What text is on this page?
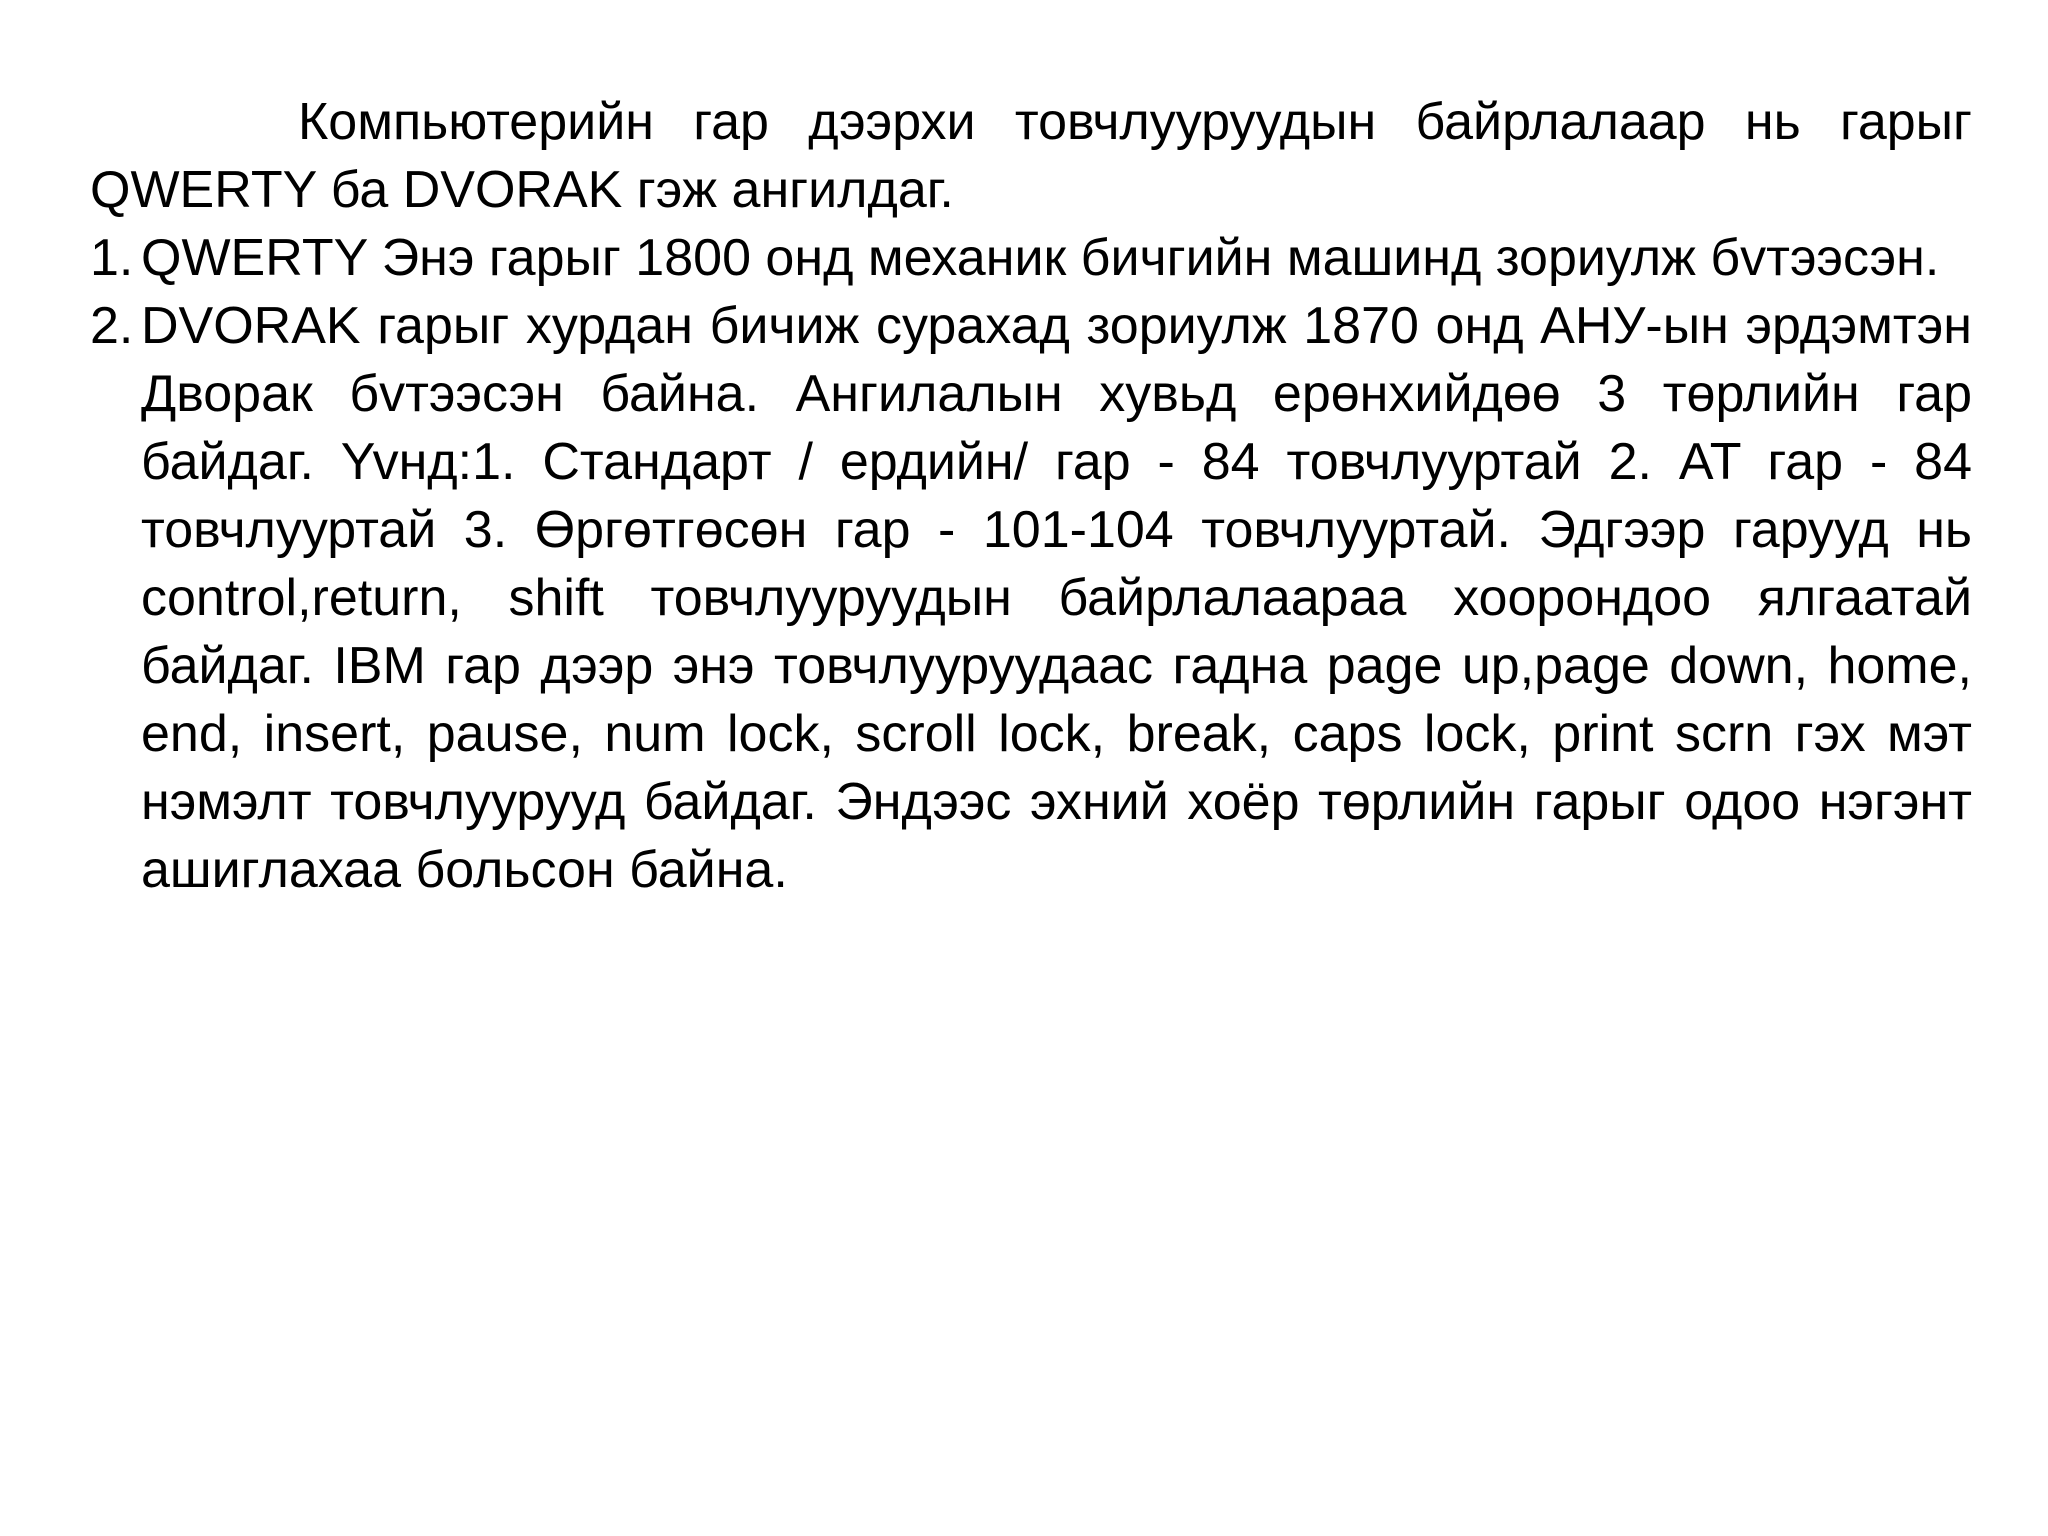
Компьютерийн гар дээрхи товчлууруудын байрлалаар нь гарыг QWERTY ба DVORAK гэж ангилдаг.

1. QWERTY Энэ гарыг 1800 онд механик бичгийн машинд зориулж бvтээсэн.
2. DVORAK гарыг хурдан бичиж сурахад зориулж 1870 онд АНУ-ын эрдэмтэн Дворак бvтээсэн байна. Ангилалын хувьд ерөнхийдөө 3 төрлийн гар байдаг. Yvнд:1. Стандарт / ердийн/ гар - 84 товчлууртай 2. AT гар - 84 товчлууртай 3. Өргөтгөсөн гар - 101-104 товчлууртай. Эдгээр гарууд нь control,return, shift товчлууруудын байрлалаараа хоорондоо ялгаатай байдаг. IBM гар дээр энэ товчлууруудаас гадна page up,page down, home, end, insert, pause, num lock, scroll lock, break, caps lock, print scrn гэх мэт нэмэлт товчлуурууд байдаг. Эндээс эхний хоёр төрлийн гарыг одоо нэгэнт ашиглахаа больсон байна.
